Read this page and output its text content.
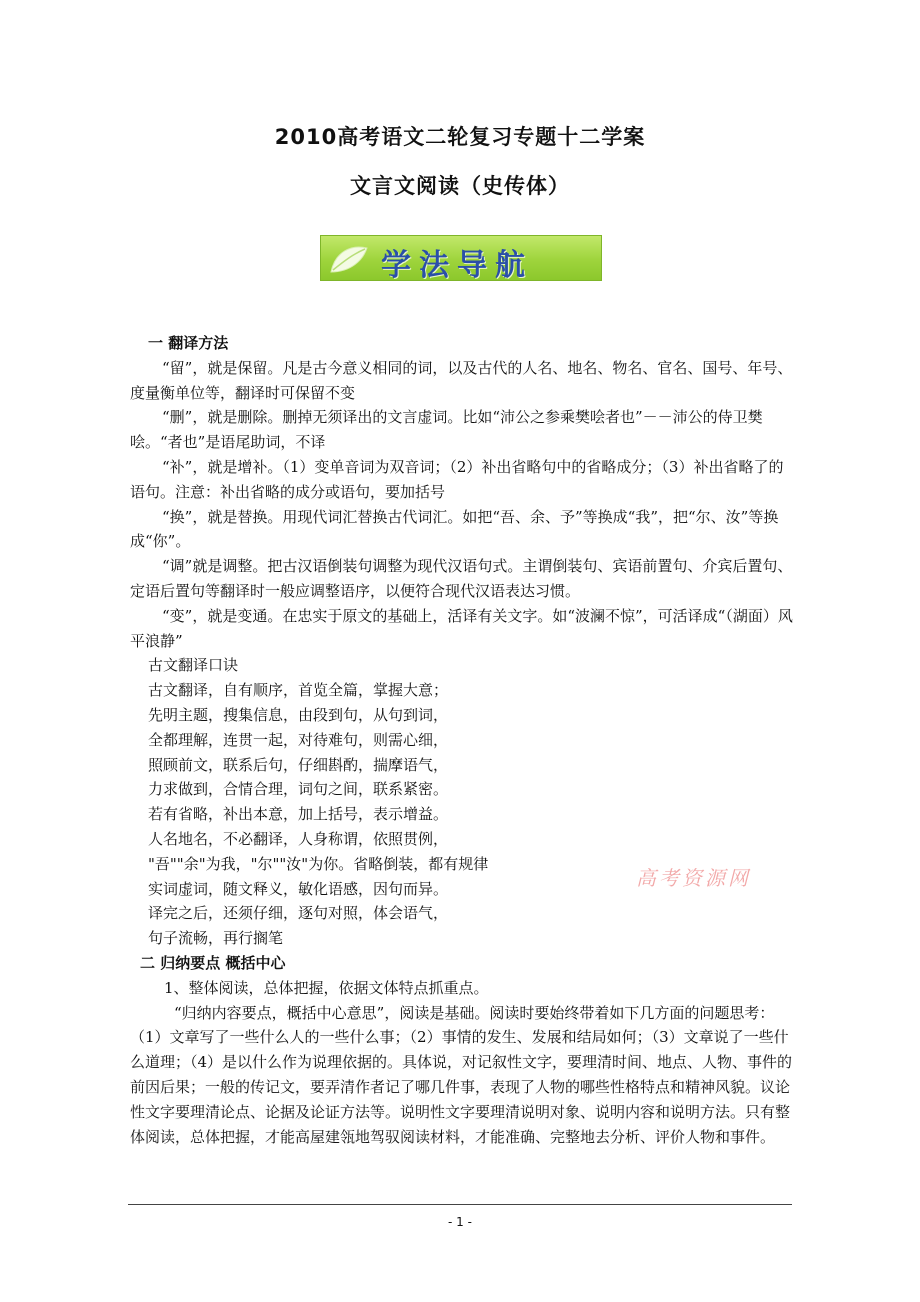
2010高考语文二轮复习专题十二学案
文言文阅读（史传体）
学法导航

一 翻译方法

“留”，就是保留。凡是古今意义相同的词，以及古代的人名、地名、物名、官名、国号、年号、度量衡单位等，翻译时可保留不变

“删”，就是删除。删掉无须译出的文言虚词。比如“沛公之参乘樊哙者也”－－沛公的侍卫樊哙。“者也”是语尾助词，不译

“补”，就是增补。（1）变单音词为双音词；（2）补出省略句中的省略成分；（3）补出省略了的语句。注意：补出省略的成分或语句，要加括号

“换”，就是替换。用现代词汇替换古代词汇。如把“吾、余、予”等换成“我”，把“尔、汝”等换成“你”。

“调”就是调整。把古汉语倒装句调整为现代汉语句式。主谓倒装句、宾语前置句、介宾后置句、定语后置句等翻译时一般应调整语序，以便符合现代汉语表达习惯。

“变”，就是变通。在忠实于原文的基础上，活译有关文字。如“波澜不惊”，可活译成“（湖面）风平浪静”

古文翻译口诀

古文翻译，自有顺序，首览全篇，掌握大意；

先明主题，搜集信息，由段到句，从句到词，

全都理解，连贯一起，对待难句，则需心细，

照顾前文，联系后句，仔细斟酌，揣摩语气，

力求做到，合情合理，词句之间，联系紧密。

若有省略，补出本意，加上括号，表示增益。

人名地名，不必翻译，人身称谓，依照贯例，

"吾""余"为我，"尔""汝"为你。省略倒装，都有规律

实词虚词，随文释义，敏化语感，因句而异。

译完之后，还须仔细，逐句对照，体会语气，

句子流畅，再行搁笔

二 归纳要点 概括中心

1、整体阅读，总体把握，依据文体特点抓重点。

“归纳内容要点，概括中心意思”，阅读是基础。阅读时要始终带着如下几方面的问题思考：（1）文章写了一些什么人的一些什么事；（2）事情的发生、发展和结局如何；（3）文章说了一些什么道理；（4）是以什么作为说理依据的。具体说，对记叙性文字，要理清时间、地点、人物、事件的前因后果；一般的传记文，要弄清作者记了哪几件事，表现了人物的哪些性格特点和精神风貌。议论性文字要理清论点、论据及论证方法等。说明性文字要理清说明对象、说明内容和说明方法。只有整体阅读，总体把握，才能高屋建瓴地驾驭阅读材料，才能准确、完整地去分析、评价人物和事件。

高考资源网
- 1 -
